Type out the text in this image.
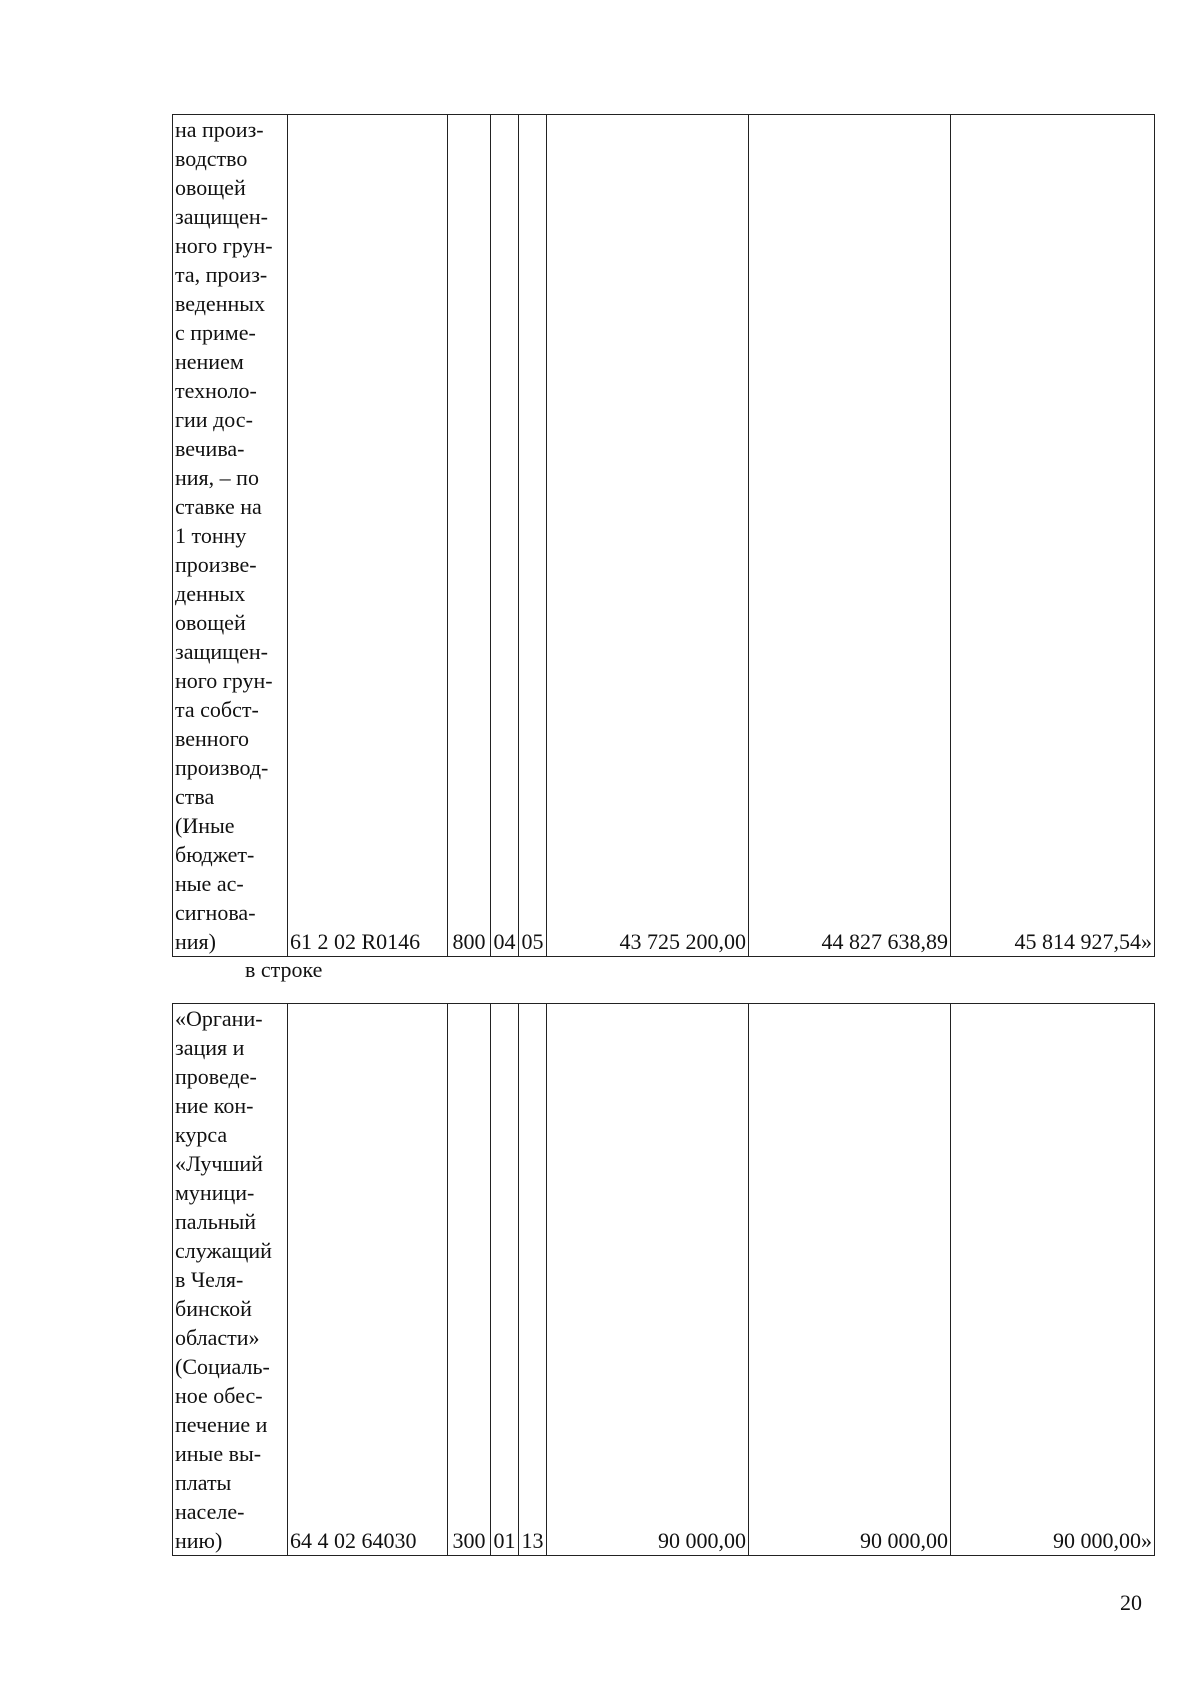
на произ-
водство
овощей
защищен-
ного грун-
та, произ-
веденных
с приме-
нением
техноло-
гии дос-
вечива-
ния, – по
ставке на
1 тонну
произве-
денных
овощей
защищен-
ного грун-
та собст-
венного
производ-
ства
(Иные
бюджет-
ные ас-
сигнова-
ния)	61 2 02 R0146	800	04	05	43 725 200,00	44 827 638,89	45 814 927,54»
в строке
«Органи-
зация и
проведе-
ние кон-
курса
«Лучший
муници-
пальный
служащий
в Челя-
бинской
области»
(Социаль-
ное обес-
печение и
иные вы-
платы
населе-
нию)	64 4 02 64030	300	01	13	90 000,00	90 000,00	90 000,00»
20
